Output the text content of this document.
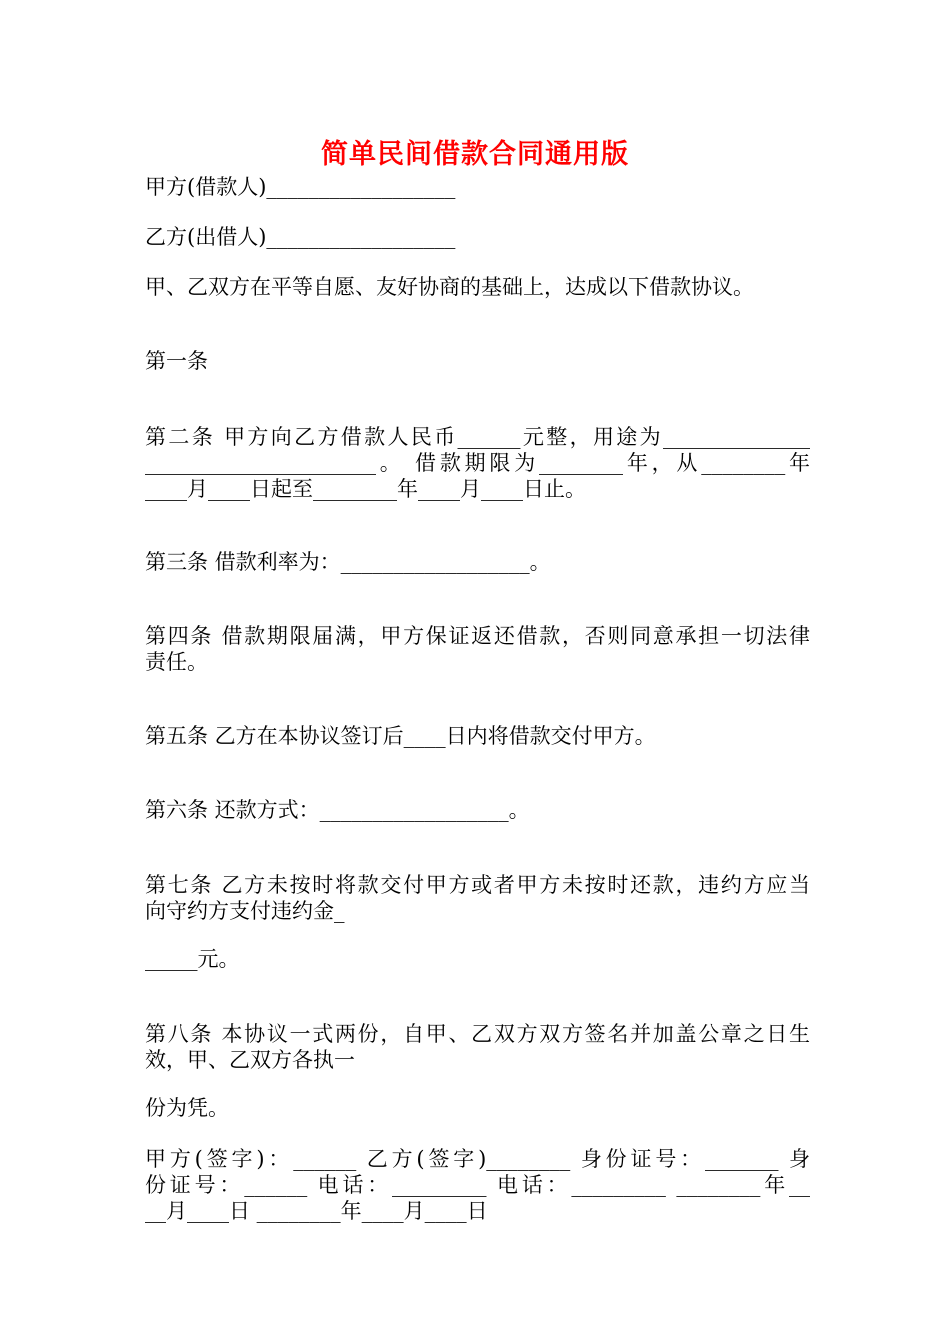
简单民间借款合同通用版
甲方(借款人)__________________
乙方(出借人)__________________
甲、乙双方在平等自愿、友好协商的基础上，达成以下借款协议。
第一条
第二条 甲方向乙方借款人民币______元整，用途为______________
______________________。 借款期限为________年，从________年
____月____日起至________年____月____日止。
第三条 借款利率为：__________________。
第四条 借款期限届满，甲方保证返还借款，否则同意承担一切法律
责任。
第五条 乙方在本协议签订后____日内将借款交付甲方。
第六条 还款方式：__________________。
第七条 乙方未按时将款交付甲方或者甲方未按时还款，违约方应当
向守约方支付违约金_
_____元。
第八条 本协议一式两份，自甲、乙双方双方签名并加盖公章之日生
效，甲、乙双方各执一
份为凭。
甲方(签字)：______ 乙方(签字)________ 身份证号：_______ 身
份证号：______ 电话：_________ 电话：_________ ________年__
__月____日 ________年____月____日
